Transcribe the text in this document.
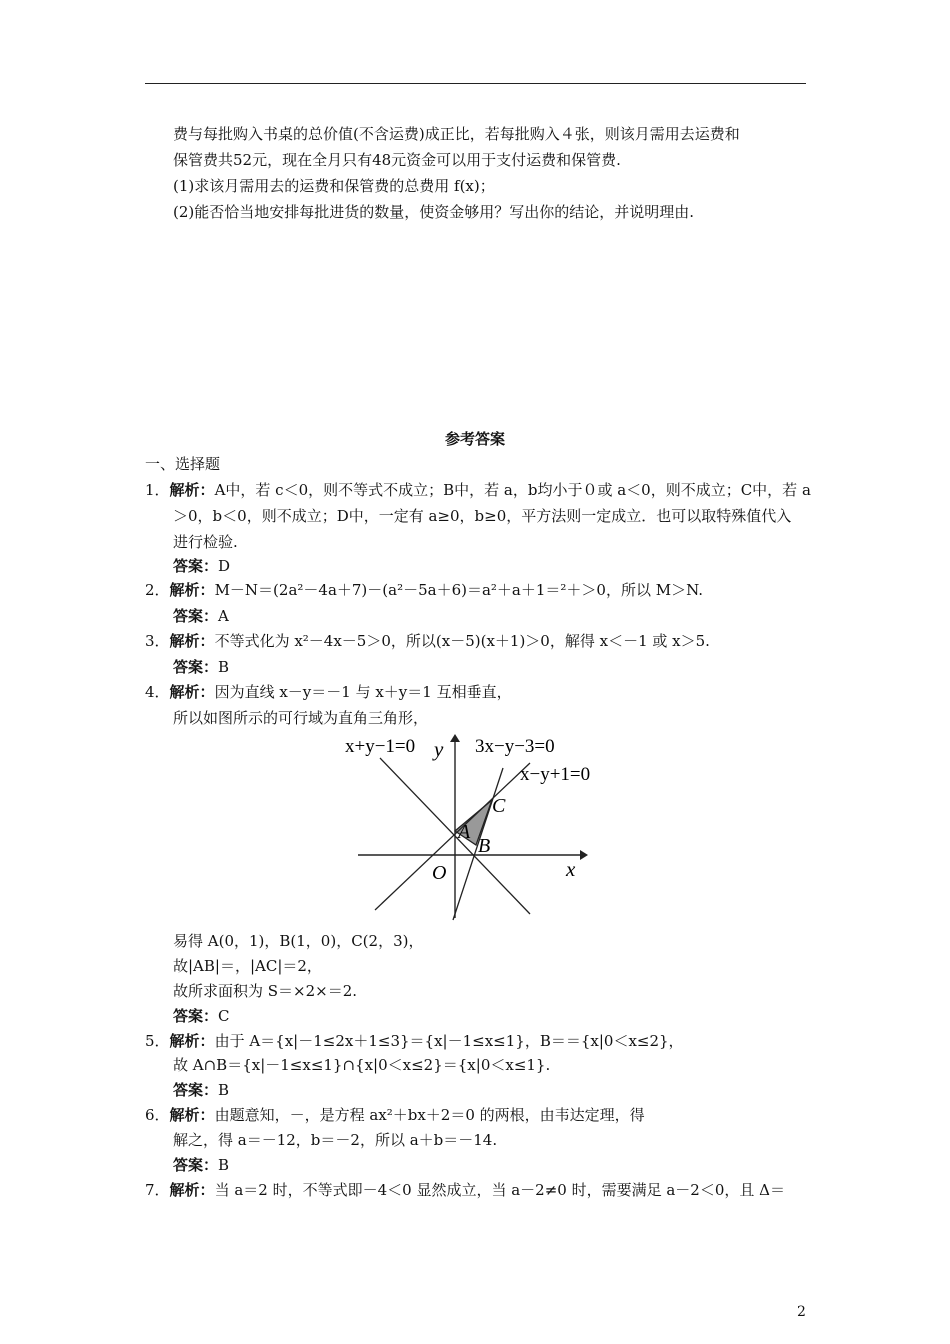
费与每批购入书桌的总价值(不含运费)成正比，若每批购入４张，则该月需用去运费和
保管费共52元，现在全月只有48元资金可以用于支付运费和保管费.
(1)求该月需用去的运费和保管费的总费用 f(x)；
(2)能否恰当地安排每批进货的数量，使资金够用？写出你的结论，并说明理由.
参考答案
一、选择题
1．解析：A中，若 c＜0，则不等式不成立；B中，若 a，b均小于０或 a＜0，则不成立；C中，若 a
＞0，b＜0，则不成立；D中，一定有 a≥0，b≥0，平方法则一定成立．也可以取特殊值代入
进行检验.
答案：D
2．解析：M－N＝(2a²－4a＋7)－(a²－5a＋6)＝a²＋a＋1＝²＋＞0，所以 M＞N.
答案：A
3．解析：不等式化为 x²－4x－5＞0，所以(x－5)(x＋1)＞0，解得 x＜－1 或 x＞5.
答案：B
4．解析：因为直线 x－y＝－1 与 x＋y＝1 互相垂直，
所以如图所示的可行域为直角三角形，
x+y−1=0	3x−y−3=0
x−y+1=0
y
x
A
B
C
O
易得 A(0，1)，B(1，0)，C(2，3)，
故|AB|＝，|AC|＝2，
故所求面积为 S＝×2×＝2.
答案：C
5．解析：由于 A＝{x|－1≤2x＋1≤3}＝{x|－1≤x≤1}，B＝＝{x|0＜x≤2}，
故 A∩B＝{x|－1≤x≤1}∩{x|0＜x≤2}＝{x|0＜x≤1}.
答案：B
6．解析：由题意知，－，是方程 ax²＋bx＋2＝0 的两根，由韦达定理，得
解之，得 a＝－12，b＝－2，所以 a＋b＝－14.
答案：B
7．解析：当 a＝2 时，不等式即－4＜0 显然成立，当 a－2≠0 时，需要满足 a－2＜0，且 Δ＝
2
